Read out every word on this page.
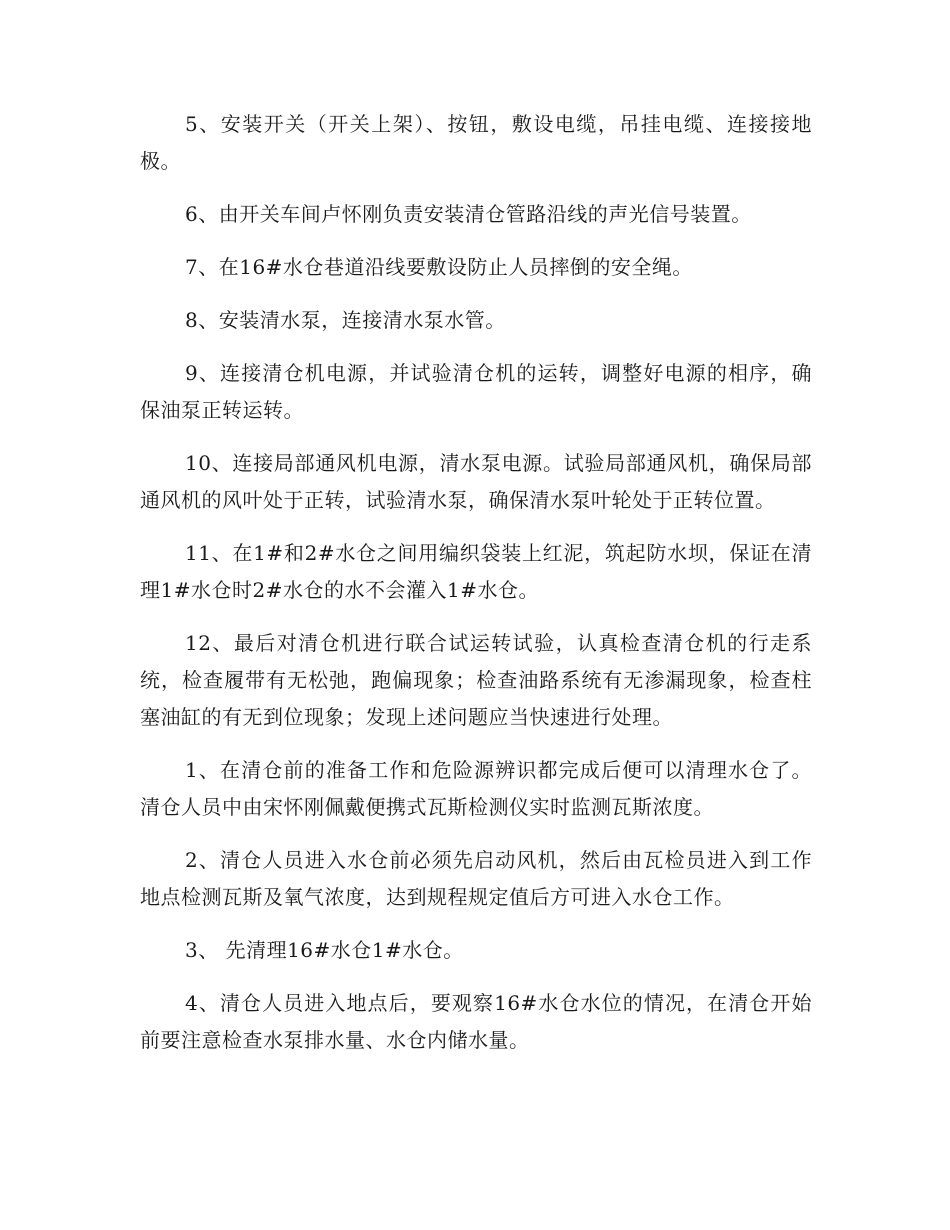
5、安装开关（开关上架）、按钮，敷设电缆，吊挂电缆、连接接地极。

6、由开关车间卢怀刚负责安装清仓管路沿线的声光信号装置。

7、在16#水仓巷道沿线要敷设防止人员摔倒的安全绳。

8、安装清水泵，连接清水泵水管。

9、连接清仓机电源，并试验清仓机的运转，调整好电源的相序，确保油泵正转运转。

10、连接局部通风机电源，清水泵电源。试验局部通风机，确保局部通风机的风叶处于正转，试验清水泵，确保清水泵叶轮处于正转位置。

11、在1#和2#水仓之间用编织袋装上红泥，筑起防水坝，保证在清理1#水仓时2#水仓的水不会灌入1#水仓。

12、最后对清仓机进行联合试运转试验，认真检查清仓机的行走系统，检查履带有无松弛，跑偏现象；检查油路系统有无渗漏现象，检查柱塞油缸的有无到位现象；发现上述问题应当快速进行处理。

1、在清仓前的准备工作和危险源辨识都完成后便可以清理水仓了。清仓人员中由宋怀刚佩戴便携式瓦斯检测仪实时监测瓦斯浓度。

2、清仓人员进入水仓前必须先启动风机，然后由瓦检员进入到工作地点检测瓦斯及氧气浓度，达到规程规定值后方可进入水仓工作。

3、 先清理16#水仓1#水仓。

4、清仓人员进入地点后，要观察16#水仓水位的情况，在清仓开始前要注意检查水泵排水量、水仓内储水量。
